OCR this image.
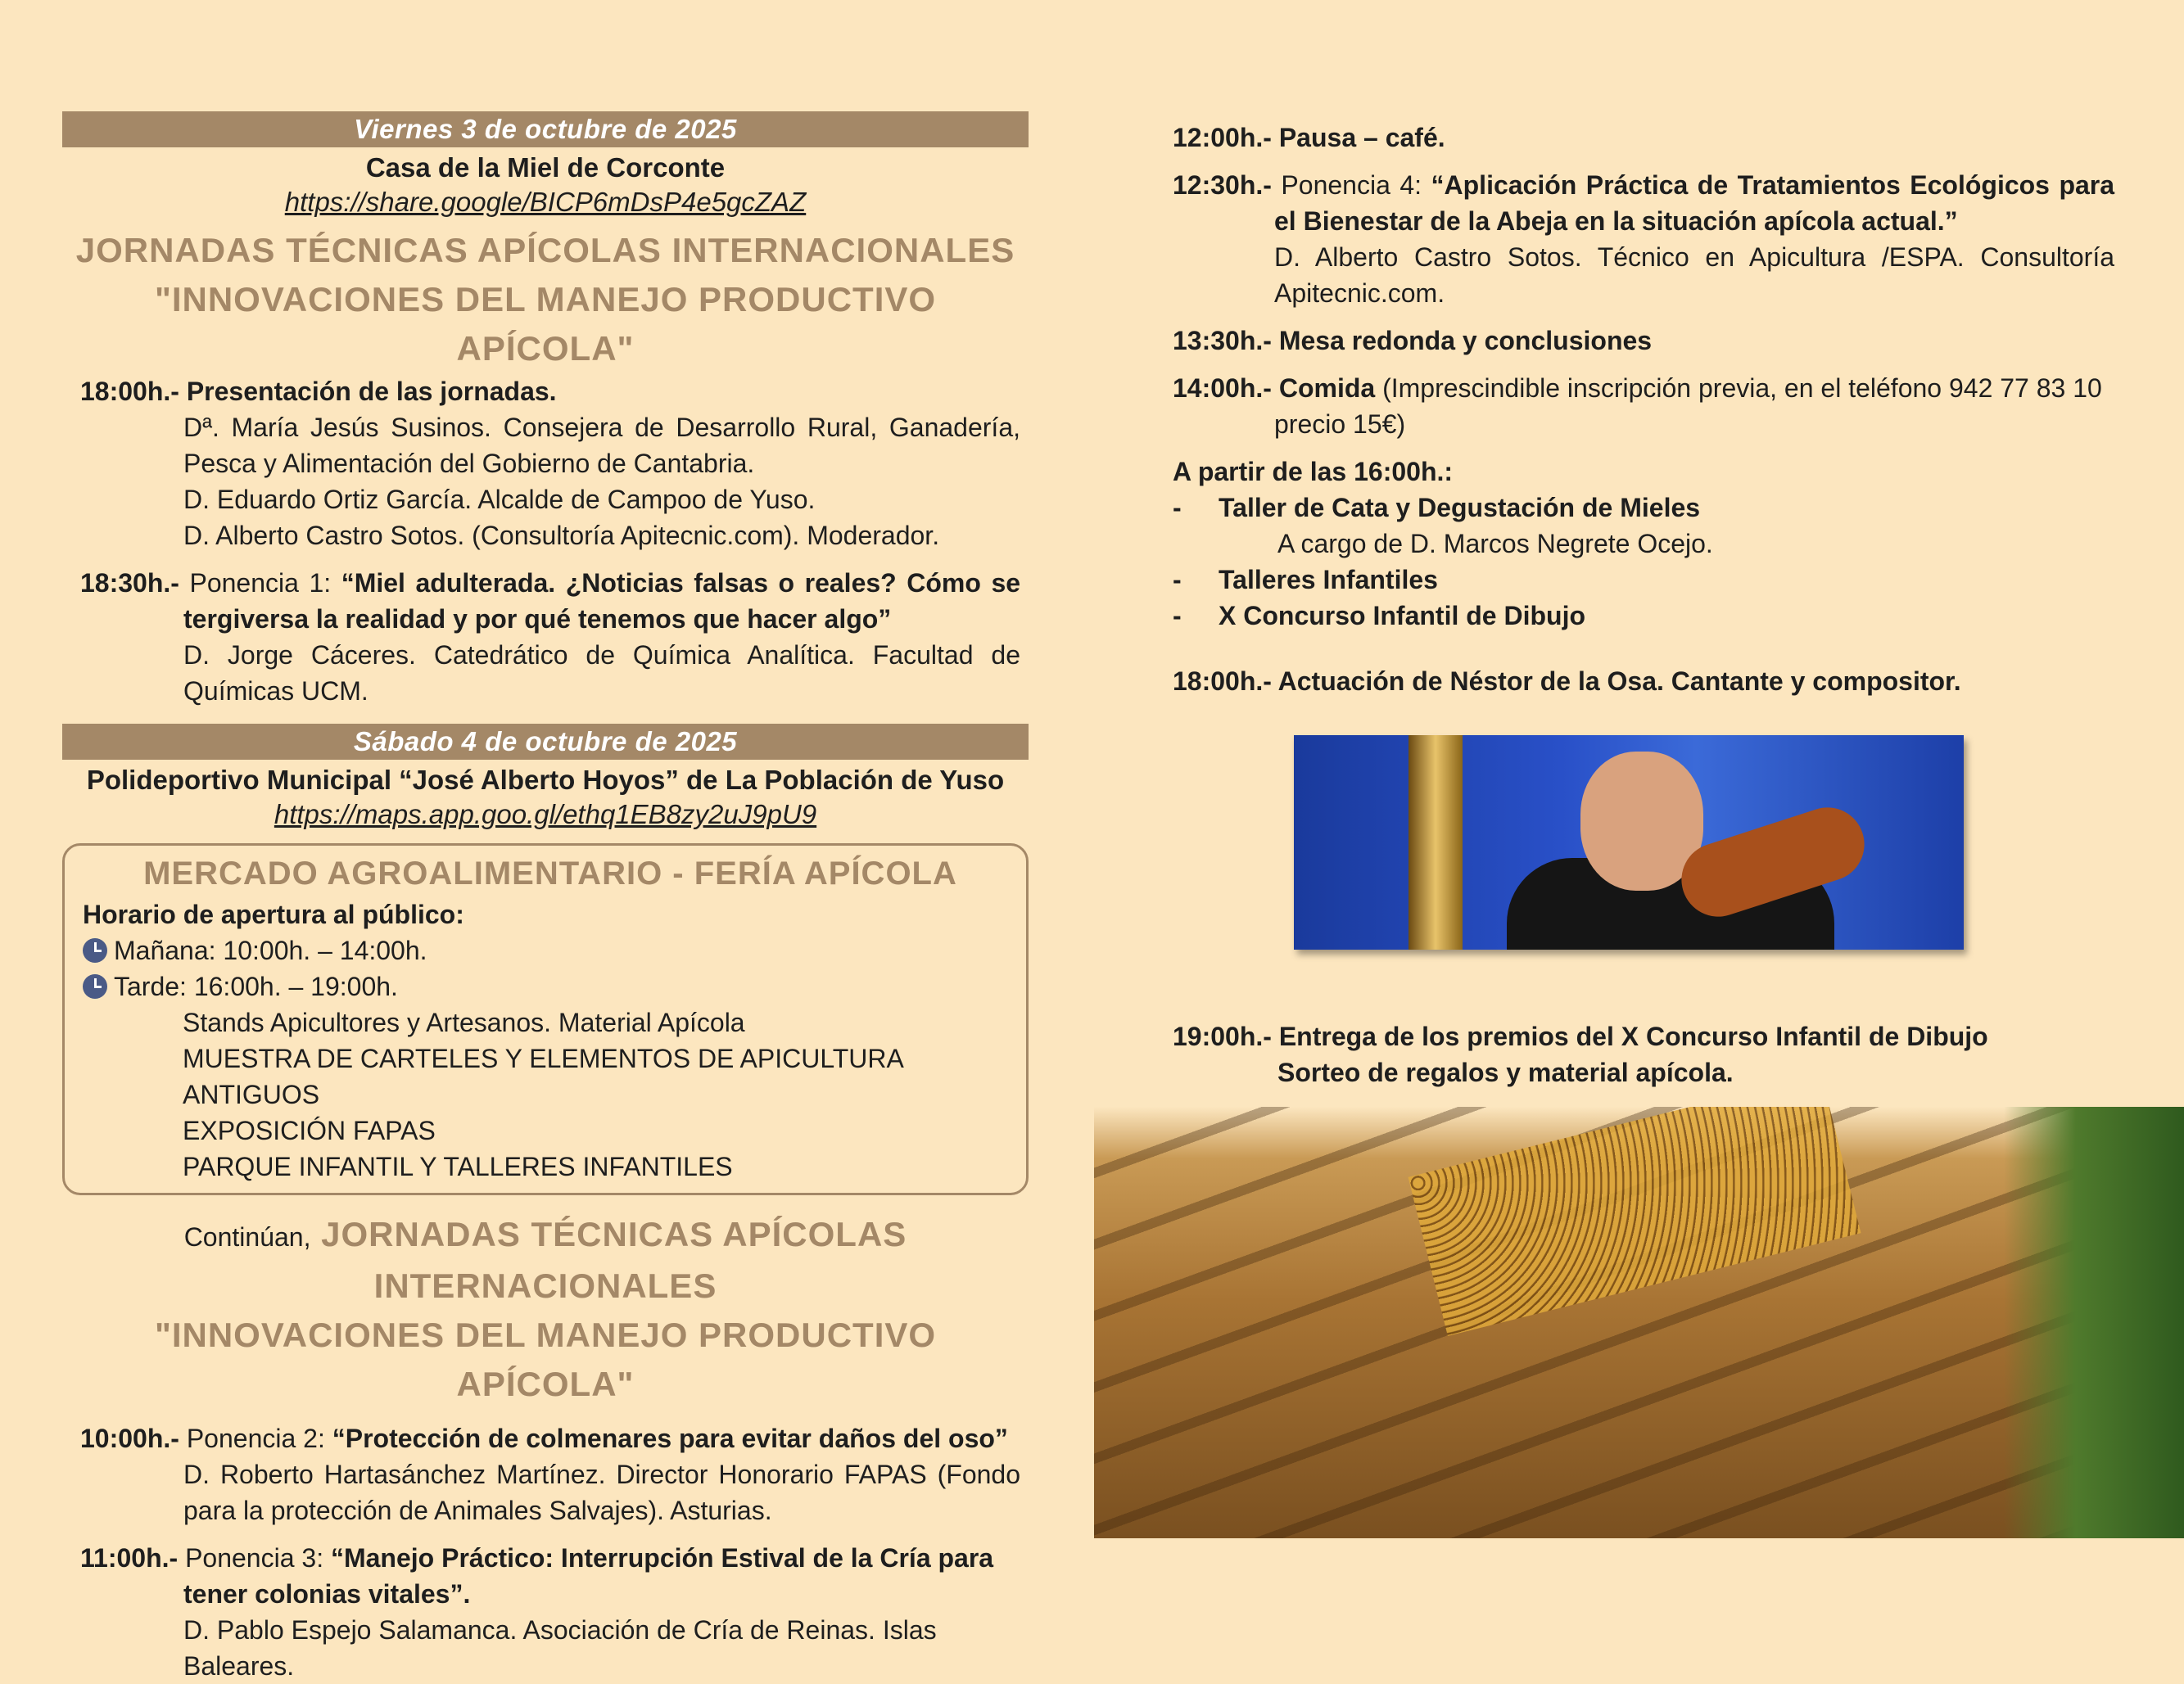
Viernes 3 de octubre de 2025
Casa de la Miel de Corconte
https://share.google/BICP6mDsP4e5gcZAZ
JORNADAS TÉCNICAS APÍCOLAS INTERNACIONALES
"INNOVACIONES DEL MANEJO PRODUCTIVO APÍCOLA"
18:00h.- Presentación de las jornadas.
Dª. María Jesús Susinos. Consejera de Desarrollo Rural, Ganadería, Pesca y Alimentación del Gobierno de Cantabria.
D. Eduardo Ortiz García. Alcalde de Campoo de Yuso.
D. Alberto Castro Sotos. (Consultoría Apitecnic.com). Moderador.
18:30h.- Ponencia 1: “Miel adulterada. ¿Noticias falsas o reales? Cómo se tergiversa la realidad y por qué tenemos que hacer algo”
D. Jorge Cáceres. Catedrático de Química Analítica. Facultad de Químicas UCM.
Sábado 4 de octubre de 2025
Polideportivo Municipal “José Alberto Hoyos” de La Población de Yuso
https://maps.app.goo.gl/ethq1EB8zy2uJ9pU9
MERCADO AGROALIMENTARIO - FERÍA APÍCOLA
Horario de apertura al público:
Mañana: 10:00h. – 14:00h.
Tarde: 16:00h. – 19:00h.
Stands Apicultores y Artesanos. Material Apícola
MUESTRA DE CARTELES Y ELEMENTOS DE APICULTURA ANTIGUOS
EXPOSICIÓN FAPAS
PARQUE INFANTIL Y TALLERES INFANTILES
Continúan, JORNADAS TÉCNICAS APÍCOLAS INTERNACIONALES
"INNOVACIONES DEL MANEJO PRODUCTIVO APÍCOLA"
10:00h.- Ponencia 2: “Protección de colmenares para evitar daños del oso”
D. Roberto Hartasánchez Martínez. Director Honorario FAPAS (Fondo para la protección de Animales Salvajes). Asturias.
11:00h.- Ponencia 3: “Manejo Práctico: Interrupción Estival de la Cría para tener colonias vitales”.
D. Pablo Espejo Salamanca. Asociación de Cría de Reinas. Islas Baleares.
12:00h.- Pausa – café.
12:30h.- Ponencia 4: “Aplicación Práctica de Tratamientos Ecológicos para el Bienestar de la Abeja en la situación apícola actual.”
D. Alberto Castro Sotos. Técnico en Apicultura /ESPA. Consultoría Apitecnic.com.
13:30h.- Mesa redonda y conclusiones
14:00h.- Comida (Imprescindible inscripción previa, en el teléfono 942 77 83 10 precio 15€)
A partir de las 16:00h.:
- Taller de Cata y Degustación de Mieles
A cargo de D. Marcos Negrete Ocejo.
- Talleres Infantiles
- X Concurso Infantil de Dibujo
18:00h.- Actuación de Néstor de la Osa. Cantante y compositor.
19:00h.- Entrega de los premios del X Concurso Infantil de Dibujo
Sorteo de regalos y material apícola.
